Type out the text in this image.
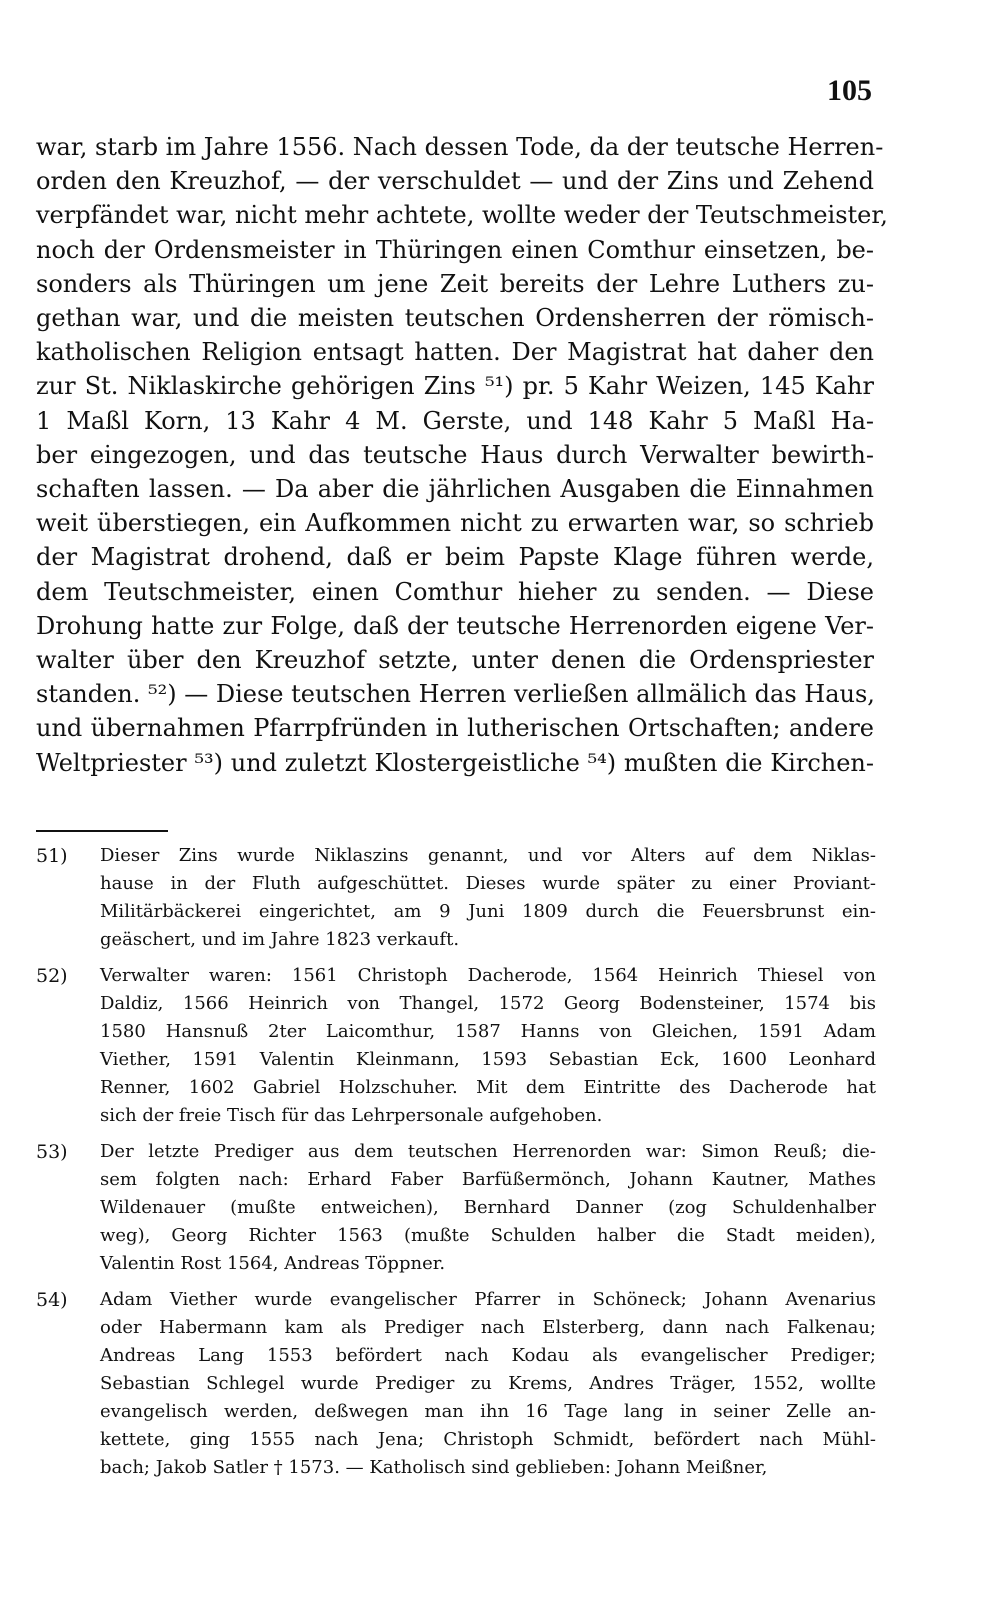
105
war, starb im Jahre 1556. Nach dessen Tode, da der teutsche Herren-
orden den Kreuzhof, — der verschuldet — und der Zins und Zehend
verpfändet war, nicht mehr achtete, wollte weder der Teutschmeister,
noch der Ordensmeister in Thüringen einen Comthur einsetzen, be-
sonders als Thüringen um jene Zeit bereits der Lehre Luthers zu-
gethan war, und die meisten teutschen Ordensherren der römisch-
katholischen Religion entsagt hatten. Der Magistrat hat daher den
zur St. Niklaskirche gehörigen Zins ⁵¹) pr. 5 Kahr Weizen, 145 Kahr
1 Maßl Korn, 13 Kahr 4 M. Gerste, und 148 Kahr 5 Maßl Ha-
ber eingezogen, und das teutsche Haus durch Verwalter bewirth-
schaften lassen. — Da aber die jährlichen Ausgaben die Einnahmen
weit überstiegen, ein Aufkommen nicht zu erwarten war, so schrieb
der Magistrat drohend, daß er beim Papste Klage führen werde,
dem Teutschmeister, einen Comthur hieher zu senden. — Diese
Drohung hatte zur Folge, daß der teutsche Herrenorden eigene Ver-
walter über den Kreuzhof setzte, unter denen die Ordenspriester
standen. ⁵²) — Diese teutschen Herren verließen allmälich das Haus,
und übernahmen Pfarrpfründen in lutherischen Ortschaften; andere
Weltpriester ⁵³) und zuletzt Klostergeistliche ⁵⁴) mußten die Kirchen-
51)	Dieser Zins wurde Niklaszins genannt, und vor Alters auf dem Niklas-
hause in der Fluth aufgeschüttet. Dieses wurde später zu einer Proviant-
Militärbäckerei eingerichtet, am 9 Juni 1809 durch die Feuersbrunst ein-
geäschert, und im Jahre 1823 verkauft.
52)	Verwalter waren: 1561 Christoph Dacherode, 1564 Heinrich Thiesel von
Daldiz, 1566 Heinrich von Thangel, 1572 Georg Bodensteiner, 1574 bis
1580 Hansnuß 2ter Laicomthur, 1587 Hanns von Gleichen, 1591 Adam
Viether, 1591 Valentin Kleinmann, 1593 Sebastian Eck, 1600 Leonhard
Renner, 1602 Gabriel Holzschuher. Mit dem Eintritte des Dacherode hat
sich der freie Tisch für das Lehrpersonale aufgehoben.
53)	Der letzte Prediger aus dem teutschen Herrenorden war: Simon Reuß; die-
sem folgten nach: Erhard Faber Barfüßermönch, Johann Kautner, Mathes
Wildenauer (mußte entweichen), Bernhard Danner (zog Schuldenhalber
weg), Georg Richter 1563 (mußte Schulden halber die Stadt meiden),
Valentin Rost 1564, Andreas Töppner.
54)	Adam Viether wurde evangelischer Pfarrer in Schöneck; Johann Avenarius
oder Habermann kam als Prediger nach Elsterberg, dann nach Falkenau;
Andreas Lang 1553 befördert nach Kodau als evangelischer Prediger;
Sebastian Schlegel wurde Prediger zu Krems, Andres Träger, 1552, wollte
evangelisch werden, deßwegen man ihn 16 Tage lang in seiner Zelle an-
kettete, ging 1555 nach Jena; Christoph Schmidt, befördert nach Mühl-
bach; Jakob Satler † 1573. — Katholisch sind geblieben: Johann Meißner,
